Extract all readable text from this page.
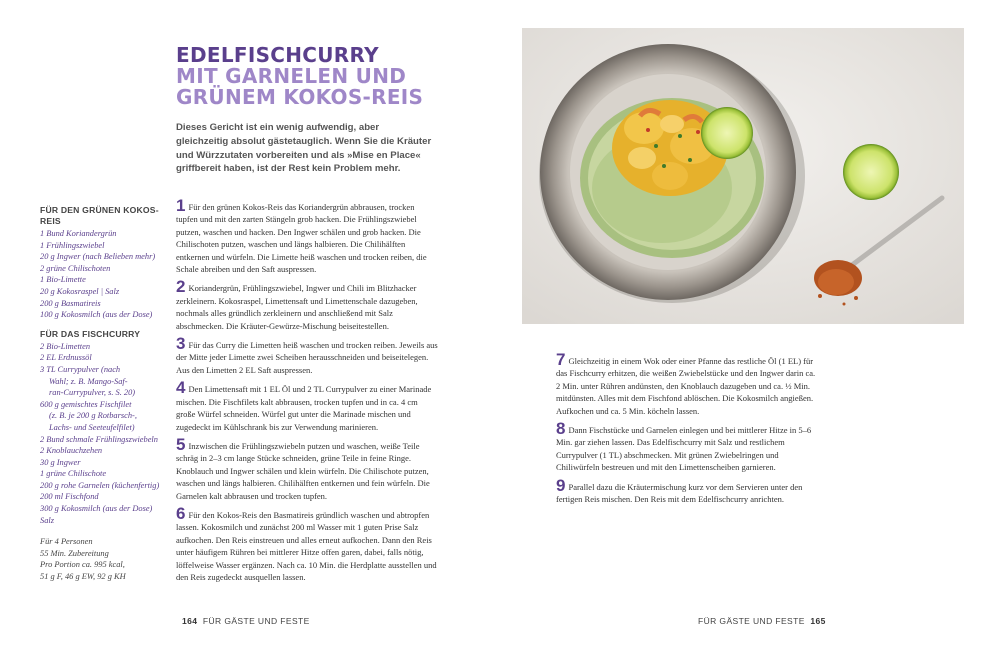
EDELFISCHCURRY
MIT GARNELEN UND
GRÜNEM KOKOS-REIS

Dieses Gericht ist ein wenig aufwendig, aber gleichzeitig absolut gästetauglich. Wenn Sie die Kräuter und Würzzutaten vorbereiten und als »Mise en Place« griffbereit haben, ist der Rest kein Problem mehr.

FÜR DEN GRÜNEN KOKOS-REIS
1 Bund Koriandergrün
1 Frühlingszwiebel
20 g Ingwer (nach Belieben mehr)
2 grüne Chilischoten
1 Bio-Limette
20 g Kokosraspel | Salz
200 g Basmatireis
100 g Kokosmilch (aus der Dose)
FÜR DAS FISCHCURRY
2 Bio-Limetten
2 EL Erdnussöl
3 TL Currypulver (nach
Wahl; z. B. Mango-Saf-
ran-Currypulver, s. S. 20)
600 g gemischtes Fischfilet
(z. B. je 200 g Rotbarsch-,
Lachs- und Seeteufelfilet)
2 Bund schmale Frühlingszwiebeln
2 Knoblauchzehen
30 g Ingwer
1 grüne Chilischote
200 g rohe Garnelen (küchenfertig)
200 ml Fischfond
300 g Kokosmilch (aus der Dose)
Salz
Für 4 Personen
55 Min. Zubereitung
Pro Portion ca. 995 kcal,
51 g F, 46 g EW, 92 g KH

1 Für den grünen Kokos-Reis das Koriandergrün abbrausen, trocken tupfen und mit den zarten Stängeln grob hacken. Die Frühlingszwiebel putzen, waschen und hacken. Den Ingwer schälen und grob hacken. Die Chilischoten putzen, waschen und längs halbieren. Die Chilihälften entkernen und würfeln. Die Limette heiß waschen und trocken reiben, die Schale abreiben und den Saft auspressen.

2 Koriandergrün, Frühlingszwiebel, Ingwer und Chili im Blitzhacker zerkleinern. Kokosraspel, Limettensaft und Limettenschale dazugeben, nochmals alles gründlich zerkleinern und anschließend mit Salz abschmecken. Die Kräuter-Gewürze-Mischung beiseitestellen.

3 Für das Curry die Limetten heiß waschen und trocken reiben. Jeweils aus der Mitte jeder Limette zwei Scheiben herausschneiden und beiseitelegen. Aus den Limetten 2 EL Saft auspressen.

4 Den Limettensaft mit 1 EL Öl und 2 TL Currypulver zu einer Marinade mischen. Die Fischfilets kalt abbrausen, trocken tupfen und in ca. 4 cm große Würfel schneiden. Würfel gut unter die Marinade mischen und zugedeckt im Kühlschrank bis zur Verwendung marinieren.

5 Inzwischen die Frühlingszwiebeln putzen und waschen, weiße Teile schräg in 2–3 cm lange Stücke schneiden, grüne Teile in feine Ringe. Knoblauch und Ingwer schälen und klein würfeln. Die Chilischote putzen, waschen und längs halbieren. Chilihälften entkernen und fein würfeln. Die Garnelen kalt abbrausen und trocken tupfen.

6 Für den Kokos-Reis den Basmatireis gründlich waschen und abtropfen lassen. Kokosmilch und zunächst 200 ml Wasser mit 1 guten Prise Salz aufkochen. Den Reis einstreuen und alles erneut aufkochen. Dann den Reis unter häufigem Rühren bei mittlerer Hitze offen garen, dabei, falls nötig, löffelweise Wasser ergänzen. Nach ca. 10 Min. die Herdplatte ausstellen und den Reis zugedeckt ausquellen lassen.

164 FÜR GÄSTE UND FESTE	FÜR GÄSTE UND FESTE 165

7 Gleichzeitig in einem Wok oder einer Pfanne das restliche Öl (1 EL) für das Fischcurry erhitzen, die weißen Zwiebelstücke und den Ingwer darin ca. 2 Min. unter Rühren andünsten, den Knoblauch dazugeben und ca. ½ Min. mitdünsten. Alles mit dem Fischfond ablöschen. Die Kokosmilch angießen. Aufkochen und ca. 5 Min. köcheln lassen.

8 Dann Fischstücke und Garnelen einlegen und bei mittlerer Hitze in 5–6 Min. gar ziehen lassen. Das Edelfischcurry mit Salz und restlichem Currypulver (1 TL) abschmecken. Mit grünen Zwiebelringen und Chiliwürfeln bestreuen und mit den Limettenscheiben garnieren.

9 Parallel dazu die Kräutermischung kurz vor dem Servieren unter den fertigen Reis mischen. Den Reis mit dem Edelfischcurry anrichten.
